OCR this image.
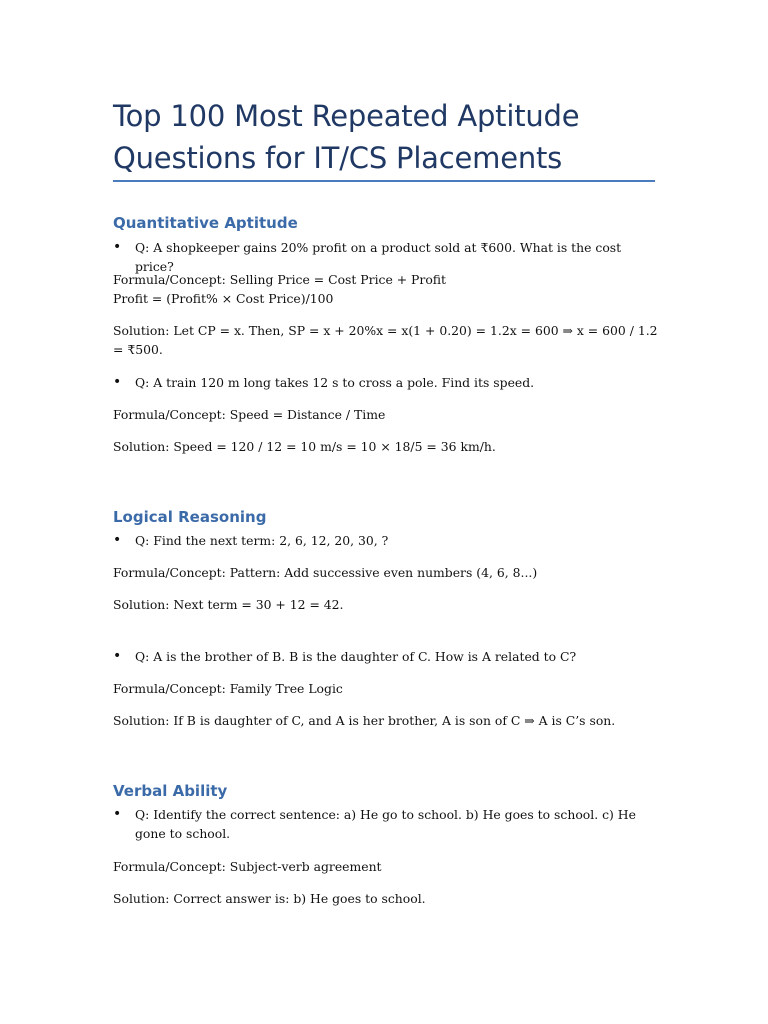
Top 100 Most Repeated Aptitude Questions for IT/CS Placements
Quantitative Aptitude
•	Q: A shopkeeper gains 20% profit on a product sold at ₹600. What is the cost price?

Formula/Concept: Selling Price = Cost Price + Profit

Profit = (Profit% × Cost Price)/100

Solution: Let CP = x. Then, SP = x + 20%x = x(1 + 0.20) = 1.2x = 600 ⇒ x = 600 / 1.2 = ₹500.

•	Q: A train 120 m long takes 12 s to cross a pole. Find its speed.

Formula/Concept: Speed = Distance / Time

Solution: Speed = 120 / 12 = 10 m/s = 10 × 18/5 = 36 km/h.

Logical Reasoning
•	Q: Find the next term: 2, 6, 12, 20, 30, ?

Formula/Concept: Pattern: Add successive even numbers (4, 6, 8...)

Solution: Next term = 30 + 12 = 42.

•	Q: A is the brother of B. B is the daughter of C. How is A related to C?

Formula/Concept: Family Tree Logic

Solution: If B is daughter of C, and A is her brother, A is son of C ⇒ A is C’s son.

Verbal Ability
•	Q: Identify the correct sentence: a) He go to school. b) He goes to school. c) He gone to school.

Formula/Concept: Subject-verb agreement

Solution: Correct answer is: b) He goes to school.
